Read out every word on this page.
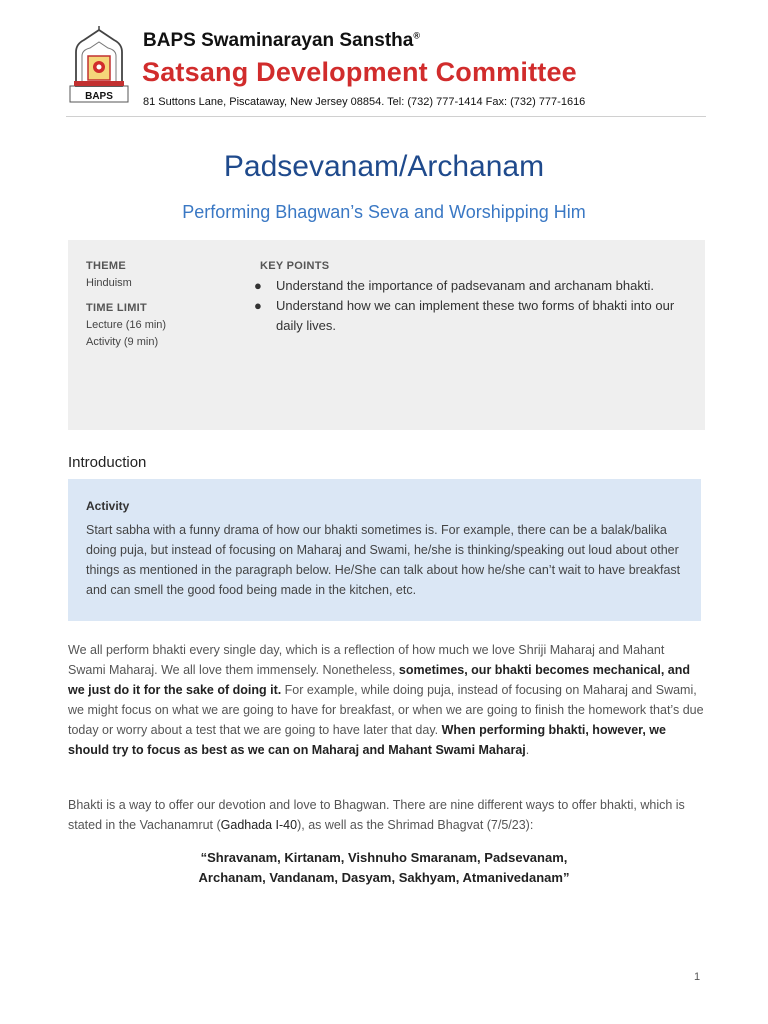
BAPS
BAPS Swaminarayan Sanstha®
Satsang Development Committee
81 Suttons Lane, Piscataway, New Jersey 08854. Tel: (732) 777-1414 Fax: (732) 777-1616
Padsevanam/Archanam
Performing Bhagwan’s Seva and Worshipping Him
THEME
Hinduism
TIME LIMIT
Lecture (16 min)
Activity (9 min)
KEY POINTS
● Understand the importance of padsevanam and archanam bhakti.
● Understand how we can implement these two forms of bhakti into our daily lives.
Introduction
Activity
Start sabha with a funny drama of how our bhakti sometimes is. For example, there can be a balak/balika doing puja, but instead of focusing on Maharaj and Swami, he/she is thinking/speaking out loud about other things as mentioned in the paragraph below. He/She can talk about how he/she can’t wait to have breakfast and can smell the good food being made in the kitchen, etc.
We all perform bhakti every single day, which is a reflection of how much we love Shriji Maharaj and Mahant Swami Maharaj. We all love them immensely. Nonetheless, sometimes, our bhakti becomes mechanical, and we just do it for the sake of doing it. For example, while doing puja, instead of focusing on Maharaj and Swami, we might focus on what we are going to have for breakfast, or when we are going to finish the homework that’s due today or worry about a test that we are going to have later that day. When performing bhakti, however, we should try to focus as best as we can on Maharaj and Mahant Swami Maharaj.
Bhakti is a way to offer our devotion and love to Bhagwan. There are nine different ways to offer bhakti, which is stated in the Vachanamrut (Gadhada I-40), as well as the Shrimad Bhagvat (7/5/23):
“Shravanam, Kirtanam, Vishnuho Smaranam, Padsevanam,
Archanam, Vandanam, Dasyam, Sakhyam, Atmanivedanam”
1
